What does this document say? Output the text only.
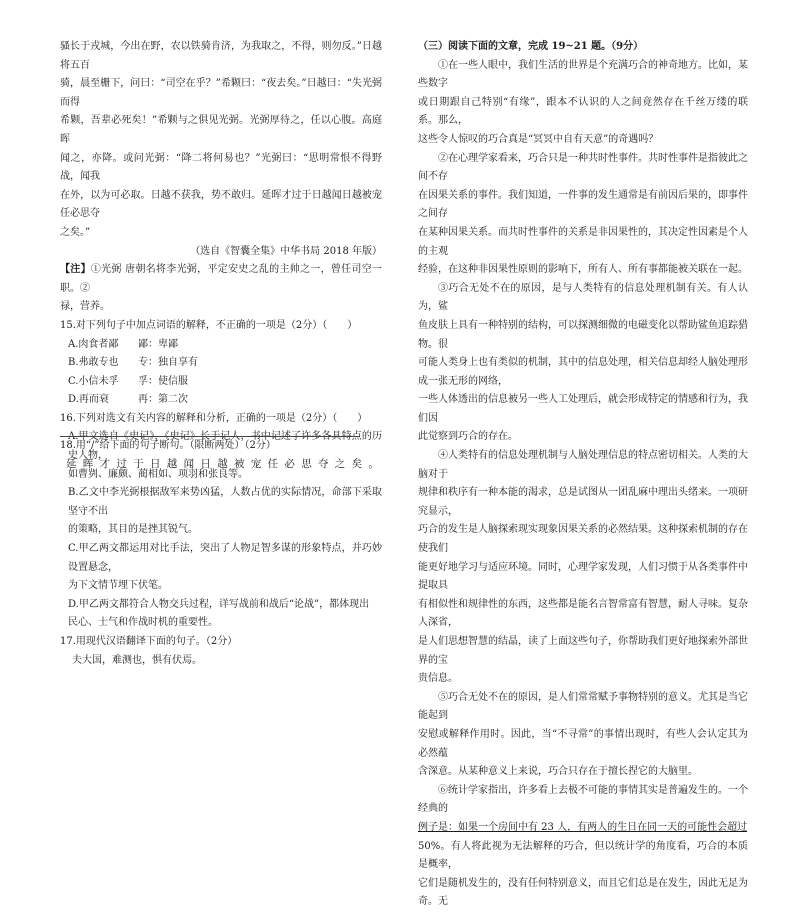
骚长于戎城，今出在野，农以铁骑肯济，为我取之，不得，则勿反。”日越将五百

骑，晨至栅下，问曰：“司空在乎？”希颗曰：“夜去矣。”日越曰：“失光弼而得

希颗，吾辈必死矣！”希颗与之俱见光弼。光弼厚待之，任以心腹。高庭晖

闻之，亦降。或问光弼：“降二将何易也？”光弼曰：“思明常恨不得野战，闻我

在外，以为可必取。日越不获我，势不敢归。延晖才过于日越闻日越被宠任必思夺

之矣。”

（选自《智囊全集》中华书局 2018 年版）

【注】①光弼 唐朝名将李光弼，平定安史之乱的主帅之一，曾任司空一职。②

禄，营养。

15.对下列句子中加点词语的解释，不正确的一项是（2分）（　　）

A.肉食者鄙 鄙：卑鄙

B.弗敢专也 专：独自享有

C.小信未孚 孚：使信服

D.再而衰	再：第二次

16.下列对选文有关内容的解释和分析，正确的一项是（2分）（　　）

A.甲文选自《史记》，《史记》长于记人，书中记述了许多各具特点的历史人物，

如曹刿、廉颇、蔺相如、项羽和张良等。

B.乙文中李光弼根据敌军来势凶猛，人数占优的实际情况，命部下采取坚守不出

的策略，其目的是挫其锐气。

C.甲乙两文都运用对比手法，突出了人物足智多谋的形象特点，并巧妙设置悬念，

为下文情节埋下伏笔。

D.甲乙两文都符合人物交兵过程，详写战前和战后“论战”，都体现出

民心、士气和作战时机的重要性。

17.用现代汉语翻译下面的句子。（2分）

夫大国，难测也，惧有伏焉。

18.用“/”给下面的句子断句。（限断两处）（2分）
延晖才过于日越闻日越被宠任必思夺之矣。

（三）阅读下面的文章，完成 19~21 题。（9分）

①在一些人眼中，我们生活的世界是个充满巧合的神奇地方。比如，某些数字

或日期跟自己特别“有缘”，跟本不认识的人之间竟然存在千丝万缕的联系。那么，

这些令人惊叹的巧合真是“冥冥中自有天意”的奇遇吗？

②在心理学家看来，巧合只是一种共时性事件。共时性事件是指彼此之间不存

在因果关系的事件。我们知道，一件事的发生通常是有前因后果的，即事件之间存

在某种因果关系。而共时性事件的关系是非因果性的，其决定性因素是个人的主观

经验，在这种非因果性原则的影响下，所有人、所有事都能被关联在一起。

③巧合无处不在的原因，是与人类特有的信息处理机制有关。有人认为，鲨

鱼皮肤上具有一种特别的结构，可以探测细微的电磁变化以帮助鲨鱼追踪猎物。很

可能人类身上也有类似的机制，其中的信息处理，相关信息却经人脑处理形成一张无形的网络，

一些人体透出的信息被另一些人工处理后，就会形成特定的情感和行为，我们因

此觉察到巧合的存在。

④人类特有的信息处理机制与人脑处理信息的特点密切相关。人类的大脑对于

规律和秩序有一种本能的渴求，总是试图从一团乱麻中理出头绪来。一项研究显示，

巧合的发生是人脑探索现实现象因果关系的必然结果。这种探索机制的存在使我们

能更好地学习与适应环境。同时，心理学家发现，人们习惯于从各类事件中提取具

有相似性和规律性的东西，这些都是能名言智常富有智慧，耐人寻味。复杂人深省，

是人们思想智慧的结晶，读了上面这些句子，你帮助我们更好地探索外部世界的宝

贵信息。

⑤巧合无处不在的原因，是人们常常赋予事物特别的意义。尤其是当它能起到

安慰或解释作用时。因此，当“不寻常”的事情出现时，有些人会认定其为必然蕴

含深意。从某种意义上来说，巧合只存在于擅长捏它的大脑里。

⑥统计学家指出，许多看上去极不可能的事情其实是普遍发生的。一个经典的

例子是：如果一个房间中有 23 人，有两人的生日在同一天的可能性会超过

50%。有人将此视为无法解释的巧合，但以统计学的角度看，巧合的本质是概率，

它们是随机发生的，没有任何特别意义，而且它们总是在发生，因此无足为奇。无
